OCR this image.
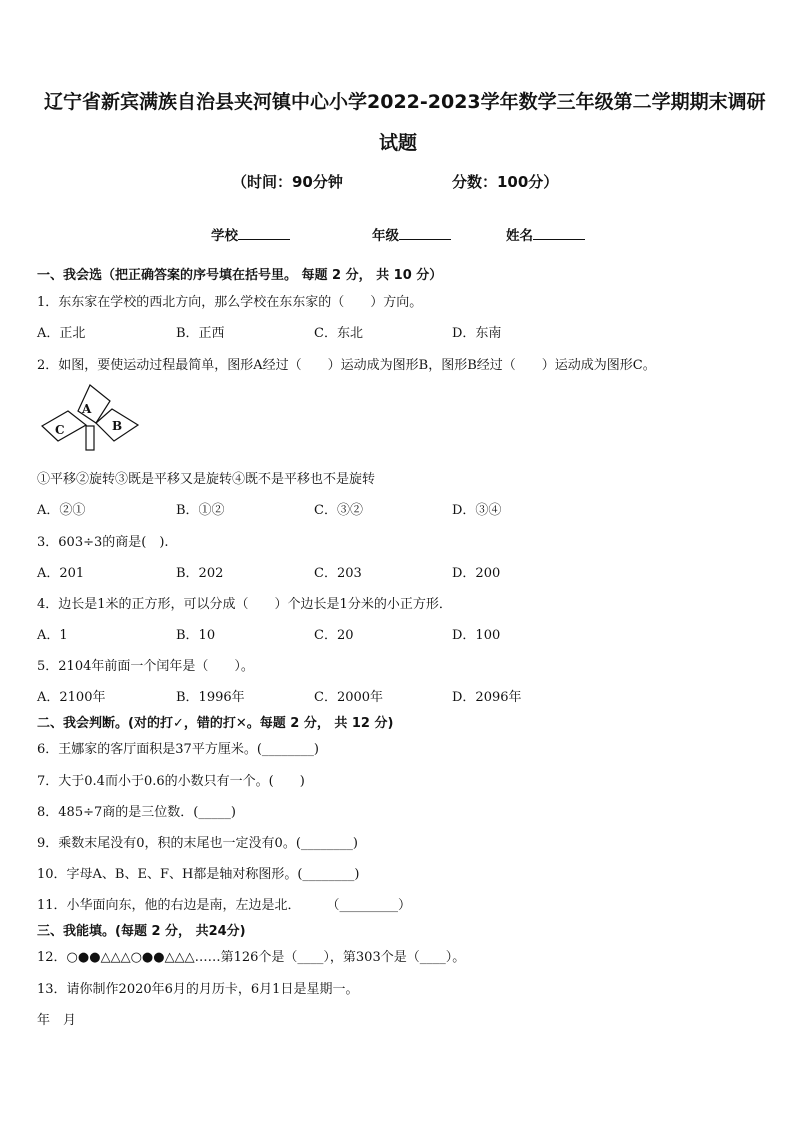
辽宁省新宾满族自治县夹河镇中心小学2022-2023学年数学三年级第二学期期末调研
试题
（时间：90分钟	分数：100分）
学校	年级	姓名
一、我会选（把正确答案的序号填在括号里。 每题 2 分， 共 10 分）
1．东东家在学校的西北方向，那么学校在东东家的（　　）方向。
A．正北	B．正西	C．东北	D．东南
2．如图，要使运动过程最简单，图形A经过（　　）运动成为图形B，图形B经过（　　）运动成为图形C。
A
B
C
①平移②旋转③既是平移又是旋转④既不是平移也不是旋转
A．②①	B．①②	C．③②	D．③④
3．603÷3的商是(　).
A．201	B．202	C．203	D．200
4．边长是1米的正方形，可以分成（　　）个边长是1分米的小正方形．
A．1	B．10	C．20	D．100
5．2104年前面一个闰年是（　　）。
A．2100年	B．1996年	C．2000年	D．2096年
二、我会判断。(对的打✓，错的打✕。每题 2 分， 共 12 分)
6．王娜家的客厅面积是37平方厘米。(________)
7．大于0.4而小于0.6的小数只有一个。(　　)
8．485÷7商的是三位数．(_____)
9．乘数末尾没有0，积的末尾也一定没有0。(________)
10．字母A、B、E、F、H都是轴对称图形。(________)
11．小华面向东，他的右边是南，左边是北．　　　（_________）
三、我能填。(每题 2 分， 共24分)
12．○●●△△△○●●△△△……第126个是（____），第303个是（____）。
13．请你制作2020年6月的月历卡，6月1日是星期一。
年　月
